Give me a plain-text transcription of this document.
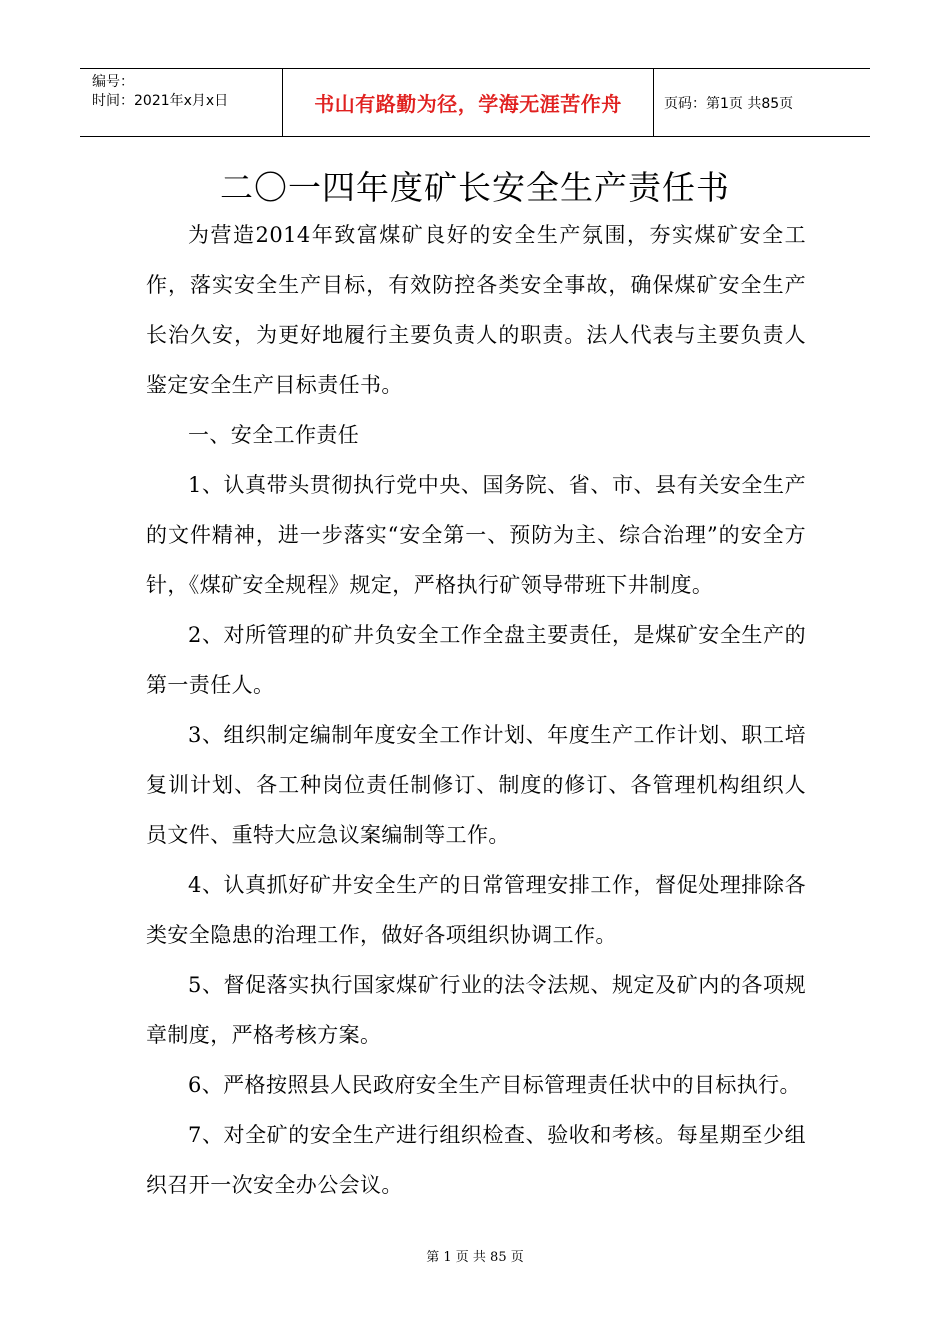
编号：
时间：2021年x月x日	书山有路勤为径，学海无涯苦作舟	页码：第1页 共85页
二〇一四年度矿长安全生产责任书

为营造2014年致富煤矿良好的安全生产氛围，夯实煤矿安全工作，落实安全生产目标，有效防控各类安全事故，确保煤矿安全生产长治久安，为更好地履行主要负责人的职责。法人代表与主要负责人鉴定安全生产目标责任书。

一、安全工作责任

1、认真带头贯彻执行党中央、国务院、省、市、县有关安全生产的文件精神，进一步落实“安全第一、预防为主、综合治理”的安全方针，《煤矿安全规程》规定，严格执行矿领导带班下井制度。

2、对所管理的矿井负安全工作全盘主要责任，是煤矿安全生产的第一责任人。

3、组织制定编制年度安全工作计划、年度生产工作计划、职工培复训计划、各工种岗位责任制修订、制度的修订、各管理机构组织人员文件、重特大应急议案编制等工作。

4、认真抓好矿井安全生产的日常管理安排工作，督促处理排除各类安全隐患的治理工作，做好各项组织协调工作。

5、督促落实执行国家煤矿行业的法令法规、规定及矿内的各项规章制度，严格考核方案。

6、严格按照县人民政府安全生产目标管理责任状中的目标执行。

7、对全矿的安全生产进行组织检查、验收和考核。每星期至少组织召开一次安全办公会议。

第 1 页 共 85 页
